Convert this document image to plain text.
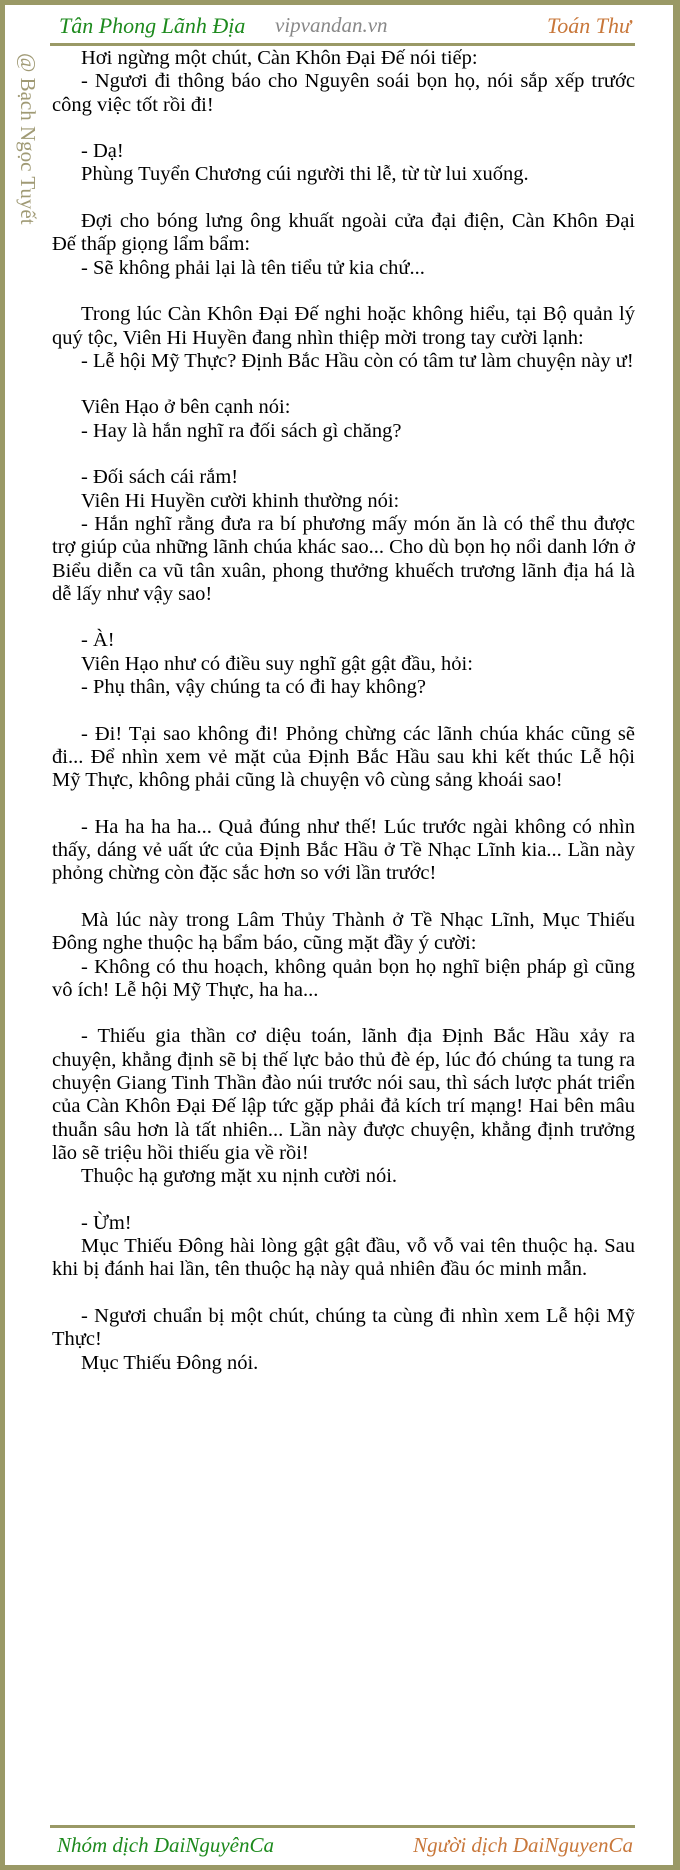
Tân Phong Lãnh Địa vipvandan.vn	Toán Thư
@ Bạch Ngọc Tuyết	Hơi ngừng một chút, Càn Khôn Đại Đế nói tiếp:

- Ngươi đi thông báo cho Nguyên soái bọn họ, nói sắp xếp trước công việc tốt rồi đi!

- Dạ!

Phùng Tuyển Chương cúi người thi lễ, từ từ lui xuống.

Đợi cho bóng lưng ông khuất ngoài cửa đại điện, Càn Khôn Đại Đế thấp giọng lẩm bẩm:

- Sẽ không phải lại là tên tiểu tử kia chứ...

Trong lúc Càn Khôn Đại Đế nghi hoặc không hiểu, tại Bộ quản lý quý tộc, Viên Hi Huyền đang nhìn thiệp mời trong tay cười lạnh:

- Lễ hội Mỹ Thực? Định Bắc Hầu còn có tâm tư làm chuyện này ư!

Viên Hạo ở bên cạnh nói:

- Hay là hắn nghĩ ra đối sách gì chăng?

- Đối sách cái rắm!

Viên Hi Huyền cười khinh thường nói:

- Hắn nghĩ rằng đưa ra bí phương mấy món ăn là có thể thu được trợ giúp của những lãnh chúa khác sao... Cho dù bọn họ nổi danh lớn ở Biểu diễn ca vũ tân xuân, phong thưởng khuếch trương lãnh địa há là dễ lấy như vậy sao!

- À!

Viên Hạo như có điều suy nghĩ gật gật đầu, hỏi:

- Phụ thân, vậy chúng ta có đi hay không?

- Đi! Tại sao không đi! Phỏng chừng các lãnh chúa khác cũng sẽ đi... Để nhìn xem vẻ mặt của Định Bắc Hầu sau khi kết thúc Lễ hội Mỹ Thực, không phải cũng là chuyện vô cùng sảng khoái sao!

- Ha ha ha ha... Quả đúng như thế! Lúc trước ngài không có nhìn thấy, dáng vẻ uất ức của Định Bắc Hầu ở Tề Nhạc Lĩnh kia... Lần này phỏng chừng còn đặc sắc hơn so với lần trước!

Mà lúc này trong Lâm Thủy Thành ở Tề Nhạc Lĩnh, Mục Thiếu Đông nghe thuộc hạ bẩm báo, cũng mặt đầy ý cười:

- Không có thu hoạch, không quản bọn họ nghĩ biện pháp gì cũng vô ích! Lễ hội Mỹ Thực, ha ha...

- Thiếu gia thần cơ diệu toán, lãnh địa Định Bắc Hầu xảy ra chuyện, khẳng định sẽ bị thế lực bảo thủ đè ép, lúc đó chúng ta tung ra chuyện Giang Tinh Thần đào núi trước nói sau, thì sách lược phát triển của Càn Khôn Đại Đế lập tức gặp phải đả kích trí mạng! Hai bên mâu thuẫn sâu hơn là tất nhiên... Lần này được chuyện, khẳng định trưởng lão sẽ triệu hồi thiếu gia về rồi!

Thuộc hạ gương mặt xu nịnh cười nói.

- Ừm!

Mục Thiếu Đông hài lòng gật gật đầu, vỗ vỗ vai tên thuộc hạ. Sau khi bị đánh hai lần, tên thuộc hạ này quả nhiên đầu óc minh mẫn.

- Ngươi chuẩn bị một chút, chúng ta cùng đi nhìn xem Lễ hội Mỹ Thực!

Mục Thiếu Đông nói.

Nhóm dịch DaiNguyênCa	Người dịch DaiNguyenCa
